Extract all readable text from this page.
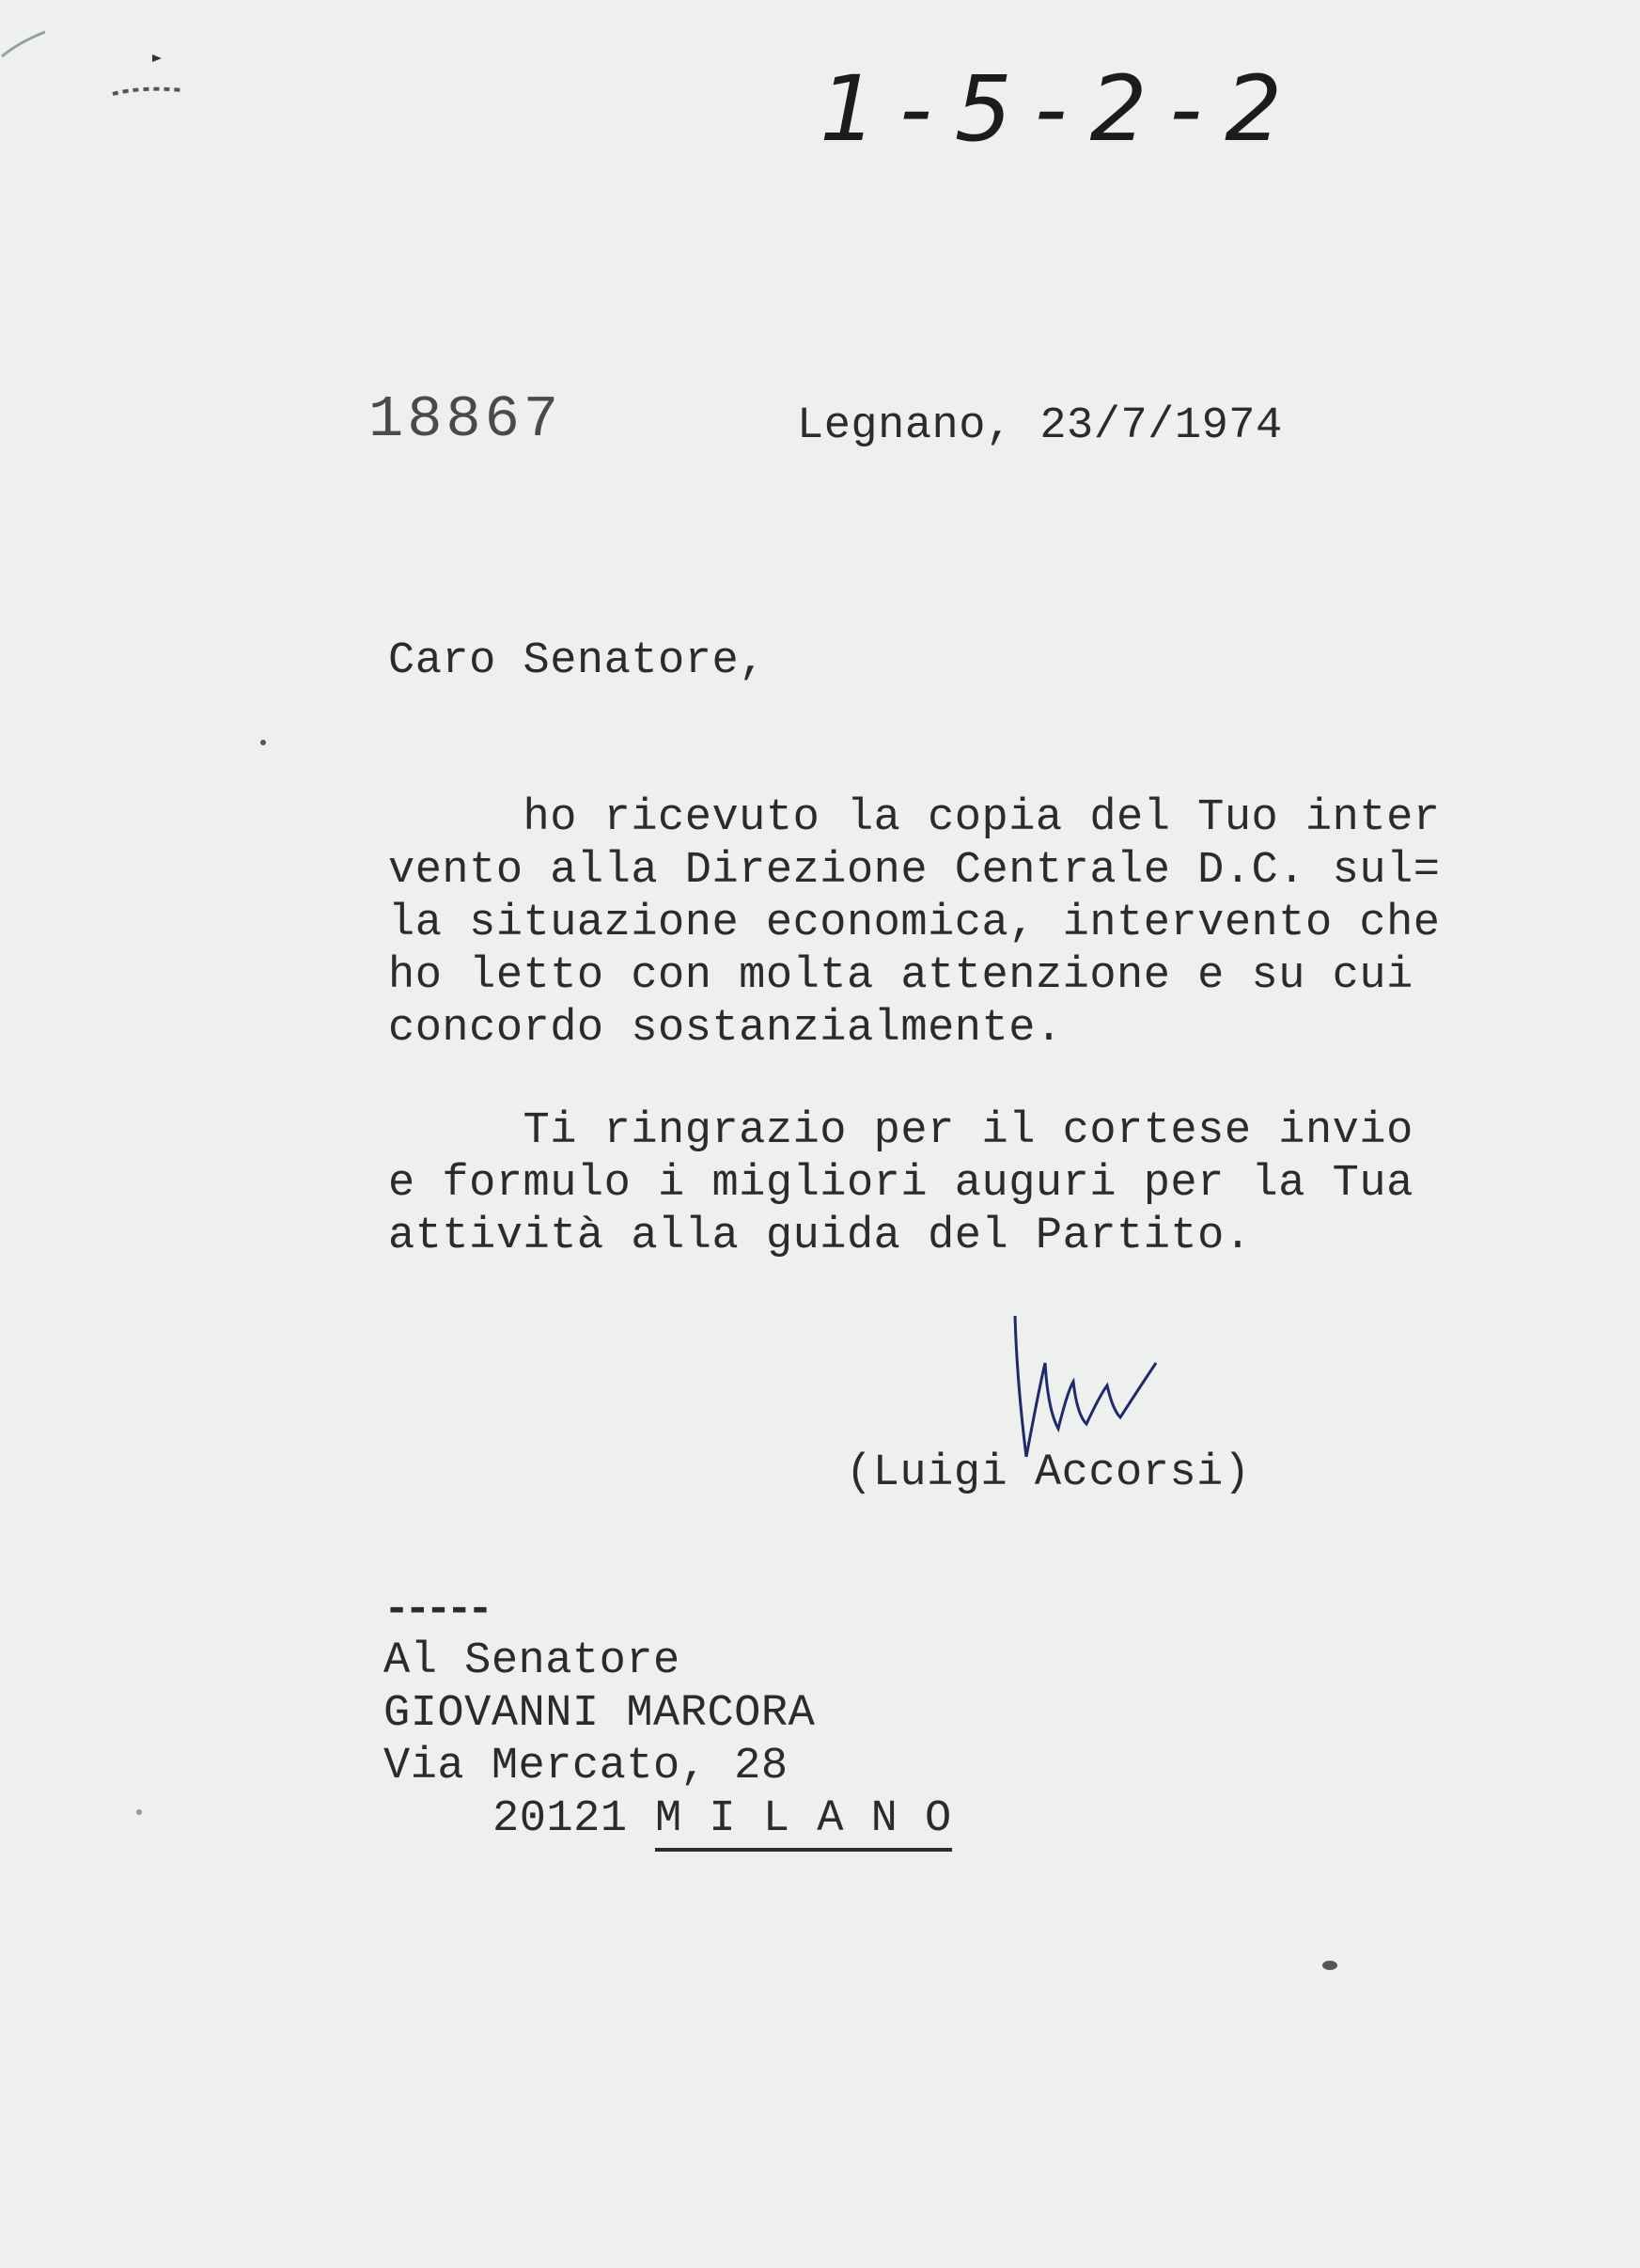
1-5-2-2
18867	Legnano, 23/7/1974
Caro Senatore,
ho ricevuto la copia del Tuo inter
vento alla Direzione Centrale D.C. sul=
la situazione economica, intervento che
ho letto con molta attenzione e su cui
concordo sostanzialmente.
Ti ringrazio per il cortese invio
e formulo i migliori auguri per la Tua
attività alla guida del Partito.
(Luigi Accorsi)
-----
Al Senatore
GIOVANNI MARCORA
Via Mercato, 28
20121 M I L A N O
